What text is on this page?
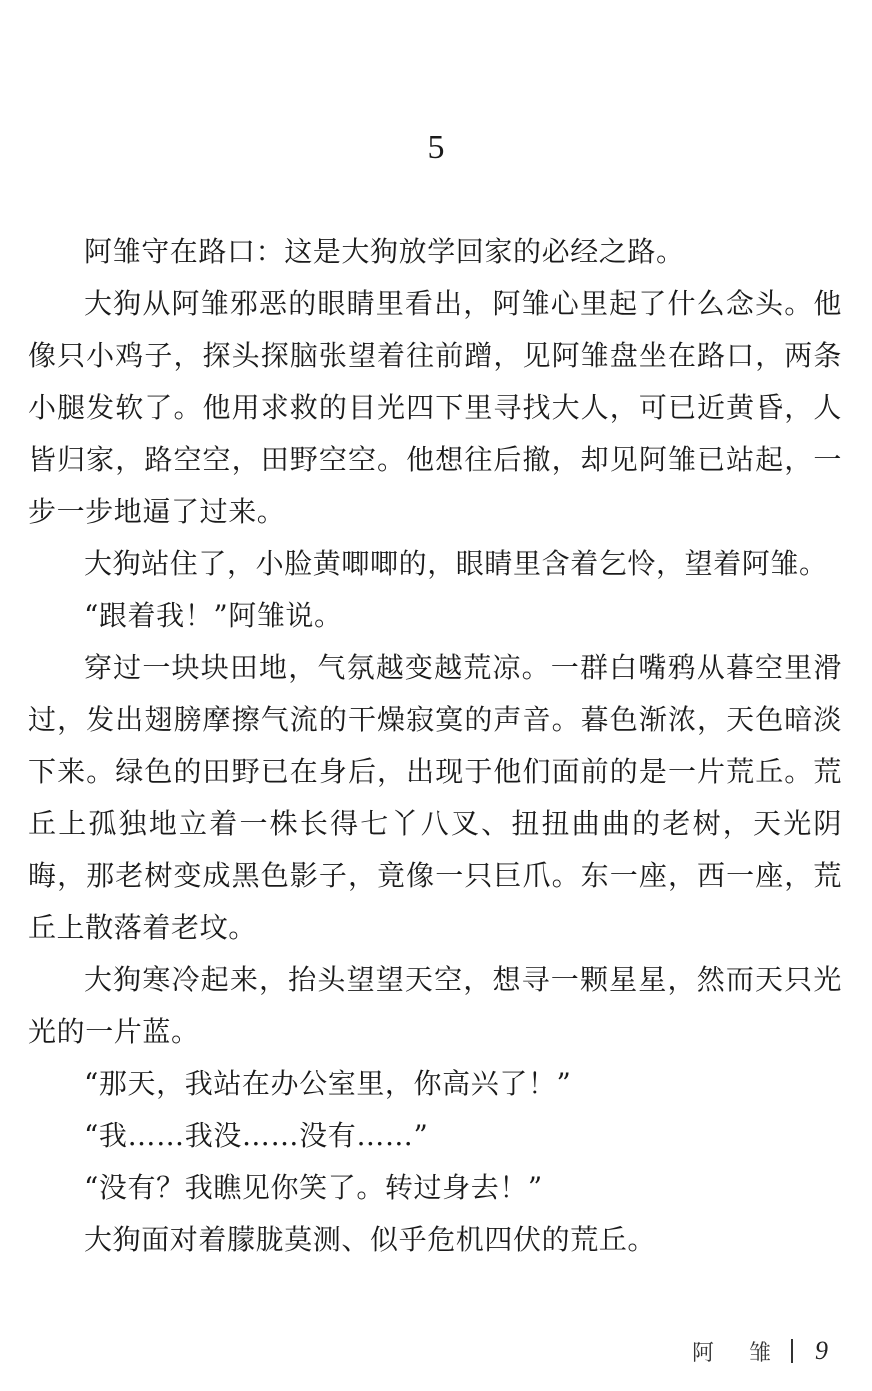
5

阿雏守在路口：这是大狗放学回家的必经之路。

大狗从阿雏邪恶的眼睛里看出，阿雏心里起了什么念头。他像只小鸡子，探头探脑张望着往前蹭，见阿雏盘坐在路口，两条小腿发软了。他用求救的目光四下里寻找大人，可已近黄昏，人皆归家，路空空，田野空空。他想往后撤，却见阿雏已站起，一步一步地逼了过来。

大狗站住了，小脸黄唧唧的，眼睛里含着乞怜，望着阿雏。

“跟着我！”阿雏说。

穿过一块块田地，气氛越变越荒凉。一群白嘴鸦从暮空里滑过，发出翅膀摩擦气流的干燥寂寞的声音。暮色渐浓，天色暗淡下来。绿色的田野已在身后，出现于他们面前的是一片荒丘。荒丘上孤独地立着一株长得七丫八叉、扭扭曲曲的老树，天光阴晦，那老树变成黑色影子，竟像一只巨爪。东一座，西一座，荒丘上散落着老坟。

大狗寒冷起来，抬头望望天空，想寻一颗星星，然而天只光光的一片蓝。

“那天，我站在办公室里，你高兴了！”

“我……我没……没有……”

“没有？我瞧见你笑了。转过身去！”

大狗面对着朦胧莫测、似乎危机四伏的荒丘。

阿 雏 9
